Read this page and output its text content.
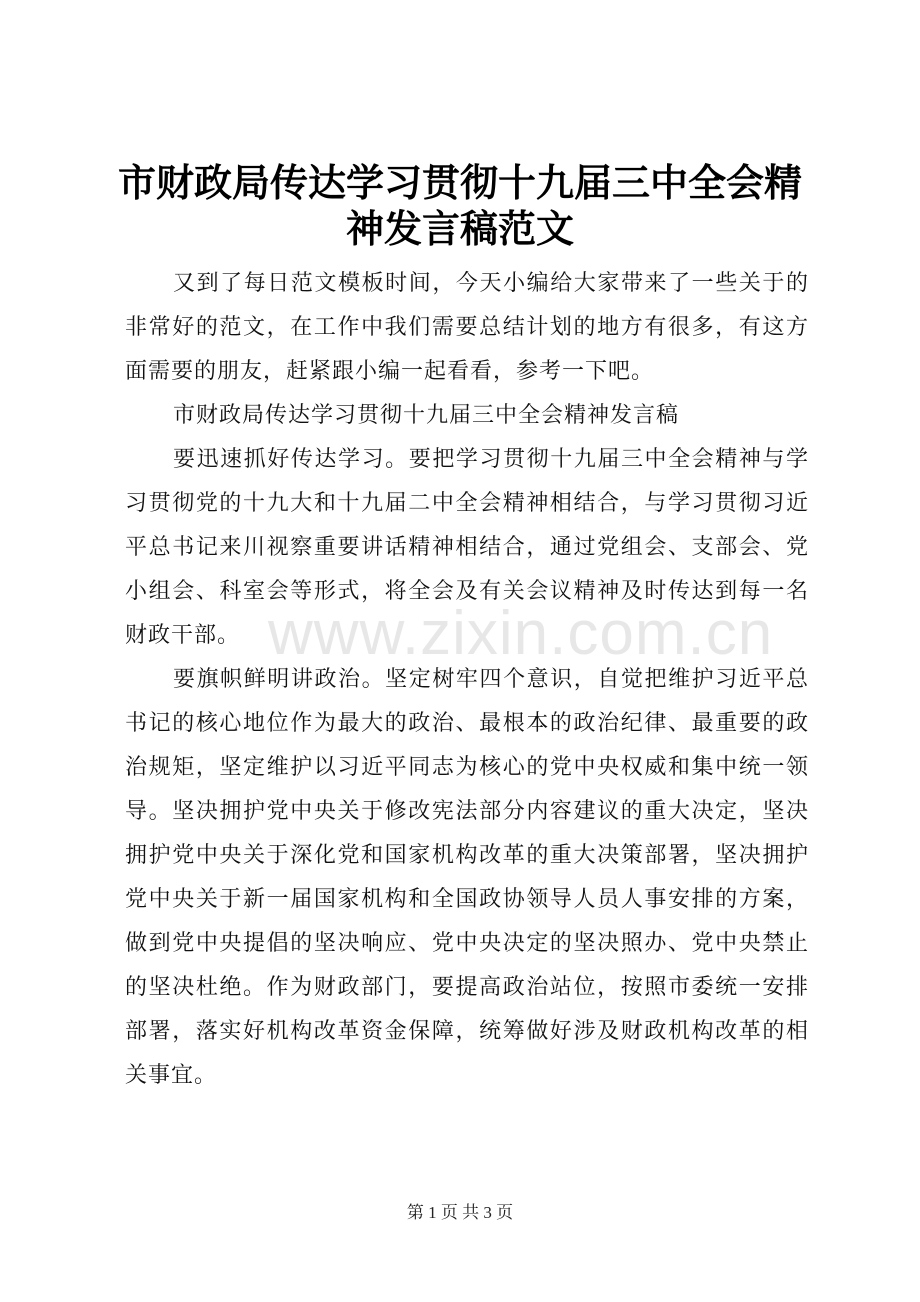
市财政局传达学习贯彻十九届三中全会精神发言稿范文

又到了每日范文模板时间，今天小编给大家带来了一些关于的非常好的范文，在工作中我们需要总结计划的地方有很多，有这方面需要的朋友，赶紧跟小编一起看看，参考一下吧。

市财政局传达学习贯彻十九届三中全会精神发言稿

要迅速抓好传达学习。要把学习贯彻十九届三中全会精神与学习贯彻党的十九大和十九届二中全会精神相结合，与学习贯彻习近平总书记来川视察重要讲话精神相结合，通过党组会、支部会、党小组会、科室会等形式，将全会及有关会议精神及时传达到每一名财政干部。

要旗帜鲜明讲政治。坚定树牢四个意识，自觉把维护习近平总书记的核心地位作为最大的政治、最根本的政治纪律、最重要的政治规矩，坚定维护以习近平同志为核心的党中央权威和集中统一领导。坚决拥护党中央关于修改宪法部分内容建议的重大决定，坚决拥护党中央关于深化党和国家机构改革的重大决策部署，坚决拥护党中央关于新一届国家机构和全国政协领导人员人事安排的方案，做到党中央提倡的坚决响应、党中央决定的坚决照办、党中央禁止的坚决杜绝。作为财政部门，要提高政治站位，按照市委统一安排部署，落实好机构改革资金保障，统筹做好涉及财政机构改革的相关事宜。

www.zixin.com.cn
第 1 页 共 3 页
